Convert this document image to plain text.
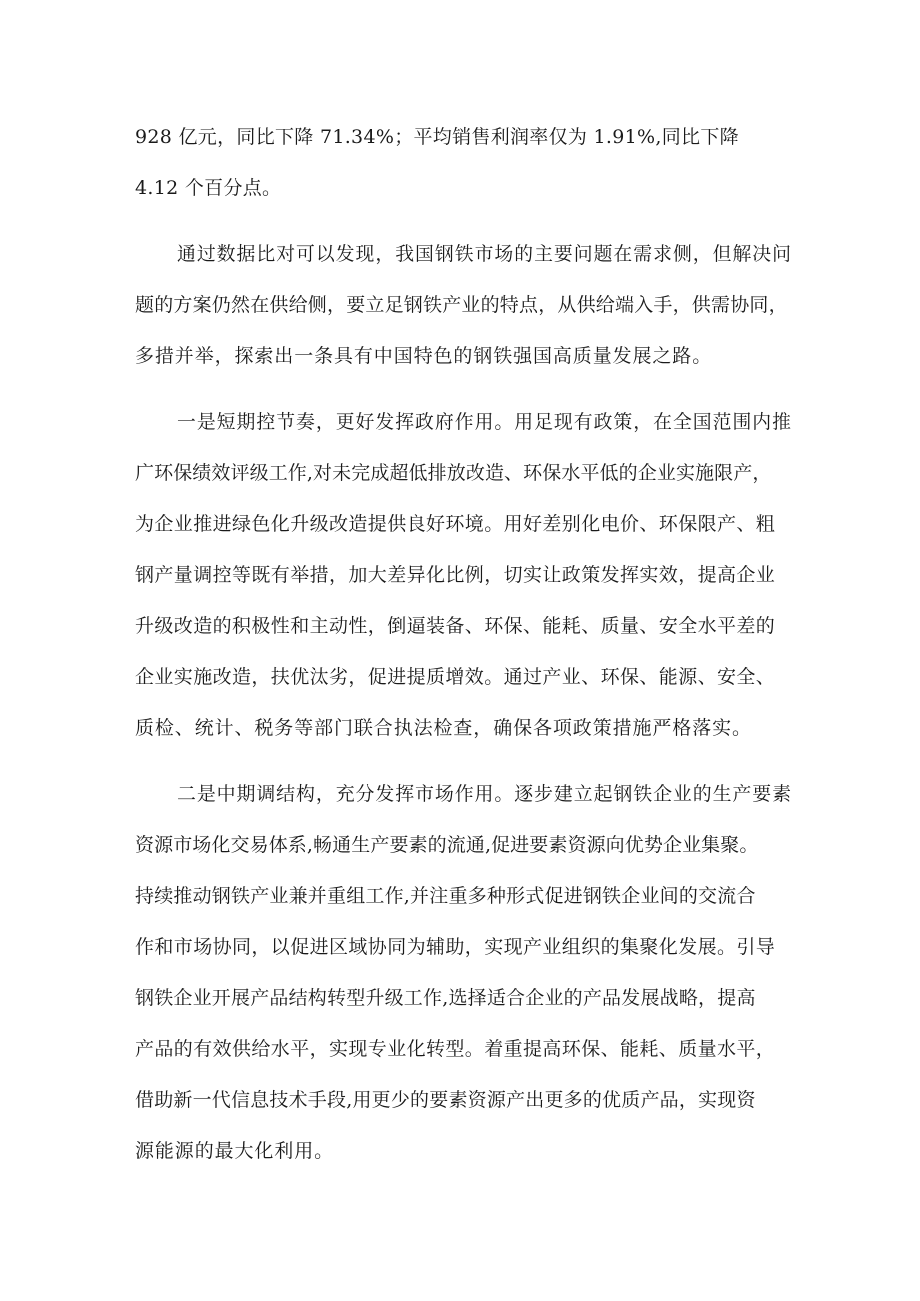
928 亿元，同比下降 71.34%；平均销售利润率仅为 1.91%,同比下降
4.12 个百分点。
通过数据比对可以发现，我国钢铁市场的主要问题在需求侧，但解决问
题的方案仍然在供给侧，要立足钢铁产业的特点，从供给端入手，供需协同，
多措并举，探索出一条具有中国特色的钢铁强国高质量发展之路。
一是短期控节奏，更好发挥政府作用。用足现有政策，在全国范围内推
广环保绩效评级工作,对未完成超低排放改造、环保水平低的企业实施限产，
为企业推进绿色化升级改造提供良好环境。用好差别化电价、环保限产、粗
钢产量调控等既有举措，加大差异化比例，切实让政策发挥实效，提高企业
升级改造的积极性和主动性，倒逼装备、环保、能耗、质量、安全水平差的
企业实施改造，扶优汰劣，促进提质增效。通过产业、环保、能源、安全、
质检、统计、税务等部门联合执法检查，确保各项政策措施严格落实。
二是中期调结构，充分发挥市场作用。逐步建立起钢铁企业的生产要素
资源市场化交易体系,畅通生产要素的流通,促进要素资源向优势企业集聚。
持续推动钢铁产业兼并重组工作,并注重多种形式促进钢铁企业间的交流合
作和市场协同，以促进区域协同为辅助，实现产业组织的集聚化发展。引导
钢铁企业开展产品结构转型升级工作,选择适合企业的产品发展战略，提高
产品的有效供给水平，实现专业化转型。着重提高环保、能耗、质量水平，
借助新一代信息技术手段,用更少的要素资源产出更多的优质产品，实现资
源能源的最大化利用。
